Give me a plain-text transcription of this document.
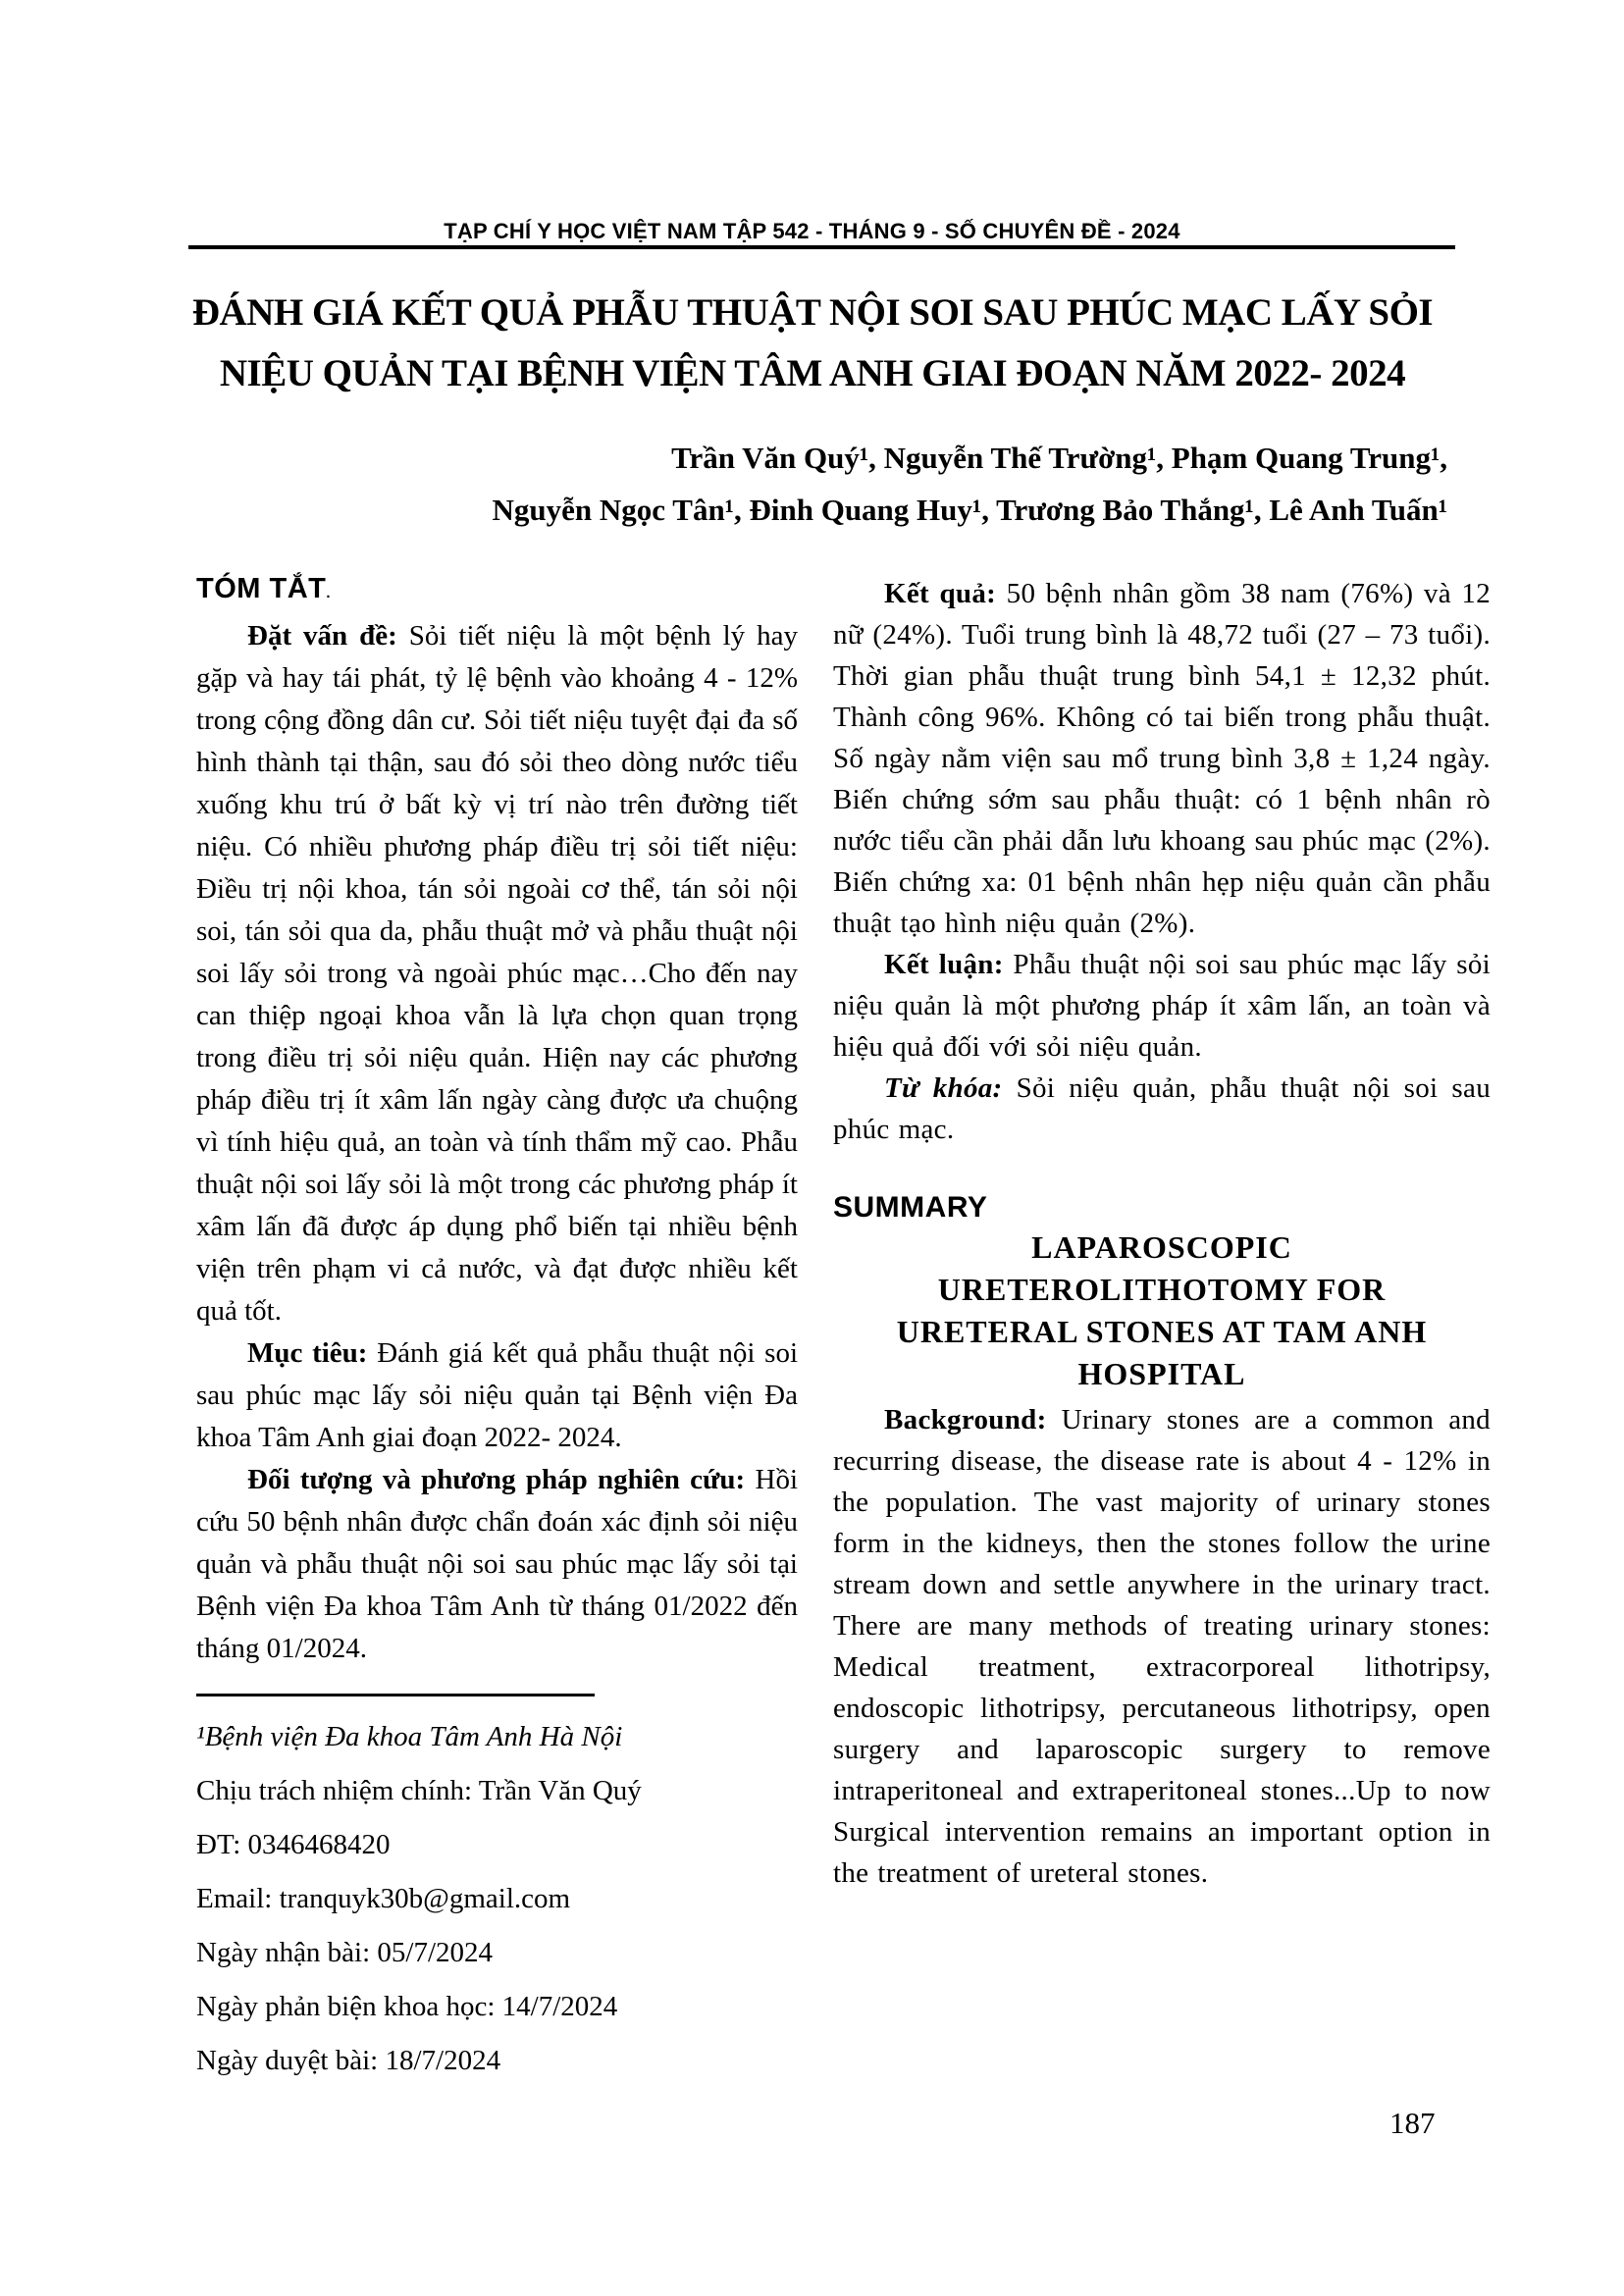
TẠP CHÍ Y HỌC VIỆT NAM TẬP 542 - THÁNG 9 - SỐ CHUYÊN ĐỀ - 2024
ĐÁNH GIÁ KẾT QUẢ PHẪU THUẬT NỘI SOI SAU PHÚC MẠC LẤY SỎI
NIỆU QUẢN TẠI BỆNH VIỆN TÂM ANH GIAI ĐOẠN NĂM 2022- 2024
Trần Văn Quý¹, Nguyễn Thế Trường¹, Phạm Quang Trung¹,
Nguyễn Ngọc Tân¹, Đinh Quang Huy¹, Trương Bảo Thắng¹, Lê Anh Tuấn¹
TÓM TẮT.

Đặt vấn đề: Sỏi tiết niệu là một bệnh lý hay gặp và hay tái phát, tỷ lệ bệnh vào khoảng 4 - 12% trong cộng đồng dân cư. Sỏi tiết niệu tuyệt đại đa số hình thành tại thận, sau đó sỏi theo dòng nước tiểu xuống khu trú ở bất kỳ vị trí nào trên đường tiết niệu. Có nhiều phương pháp điều trị sỏi tiết niệu: Điều trị nội khoa, tán sỏi ngoài cơ thể, tán sỏi nội soi, tán sỏi qua da, phẫu thuật mở và phẫu thuật nội soi lấy sỏi trong và ngoài phúc mạc…Cho đến nay can thiệp ngoại khoa vẫn là lựa chọn quan trọng trong điều trị sỏi niệu quản. Hiện nay các phương pháp điều trị ít xâm lấn ngày càng được ưa chuộng vì tính hiệu quả, an toàn và tính thẩm mỹ cao. Phẫu thuật nội soi lấy sỏi là một trong các phương pháp ít xâm lấn đã được áp dụng phổ biến tại nhiều bệnh viện trên phạm vi cả nước, và đạt được nhiều kết quả tốt.

Mục tiêu: Đánh giá kết quả phẫu thuật nội soi sau phúc mạc lấy sỏi niệu quản tại Bệnh viện Đa khoa Tâm Anh giai đoạn 2022- 2024.

Đối tượng và phương pháp nghiên cứu: Hồi cứu 50 bệnh nhân được chẩn đoán xác định sỏi niệu quản và phẫu thuật nội soi sau phúc mạc lấy sỏi tại Bệnh viện Đa khoa Tâm Anh từ tháng 01/2022 đến tháng 01/2024.

¹Bệnh viện Đa khoa Tâm Anh Hà Nội
Chịu trách nhiệm chính: Trần Văn Quý
ĐT: 0346468420
Email: tranquyk30b@gmail.com
Ngày nhận bài: 05/7/2024
Ngày phản biện khoa học: 14/7/2024
Ngày duyệt bài: 18/7/2024

Kết quả: 50 bệnh nhân gồm 38 nam (76%) và 12 nữ (24%). Tuổi trung bình là 48,72 tuổi (27 – 73 tuổi). Thời gian phẫu thuật trung bình 54,1 ± 12,32 phút. Thành công 96%. Không có tai biến trong phẫu thuật. Số ngày nằm viện sau mổ trung bình 3,8 ± 1,24 ngày. Biến chứng sớm sau phẫu thuật: có 1 bệnh nhân rò nước tiểu cần phải dẫn lưu khoang sau phúc mạc (2%). Biến chứng xa: 01 bệnh nhân hẹp niệu quản cần phẫu thuật tạo hình niệu quản (2%).

Kết luận: Phẫu thuật nội soi sau phúc mạc lấy sỏi niệu quản là một phương pháp ít xâm lấn, an toàn và hiệu quả đối với sỏi niệu quản.

Từ khóa: Sỏi niệu quản, phẫu thuật nội soi sau phúc mạc.

SUMMARY
LAPAROSCOPIC
URETEROLITHOTOMY FOR
URETERAL STONES AT TAM ANH
HOSPITAL

Background: Urinary stones are a common and recurring disease, the disease rate is about 4 - 12% in the population. The vast majority of urinary stones form in the kidneys, then the stones follow the urine stream down and settle anywhere in the urinary tract. There are many methods of treating urinary stones: Medical treatment, extracorporeal lithotripsy, endoscopic lithotripsy, percutaneous lithotripsy, open surgery and laparoscopic surgery to remove intraperitoneal and extraperitoneal stones...Up to now Surgical intervention remains an important option in the treatment of ureteral stones.

187
